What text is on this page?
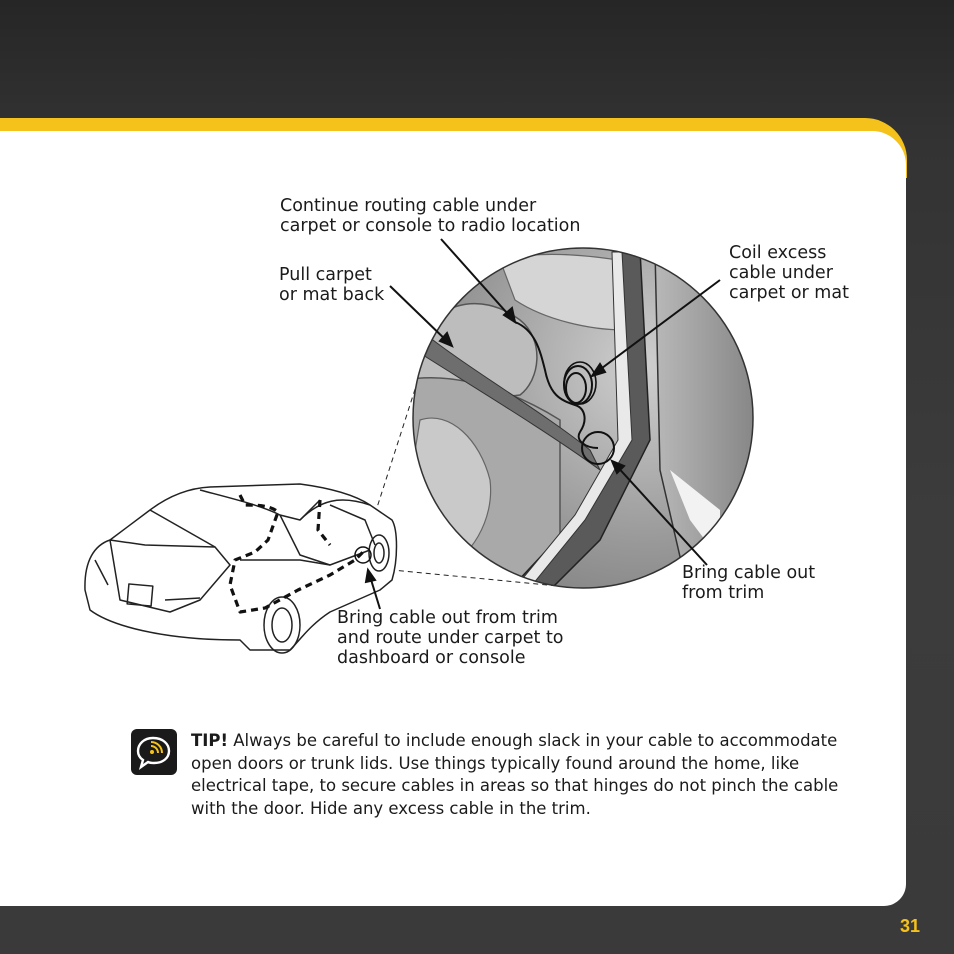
Continue routing cable under
carpet or console to radio location
Pull carpet
or mat back
Coil excess
cable under
carpet or mat
Bring cable out
from trim
Bring cable out from trim
and route under carpet to
dashboard or console
TIP! Always be careful to include enough slack in your cable to accommodate open doors or trunk lids. Use things typically found around the home, like electrical tape, to secure cables in areas so that hinges do not pinch the cable with the door. Hide any excess cable in the trim.
31
